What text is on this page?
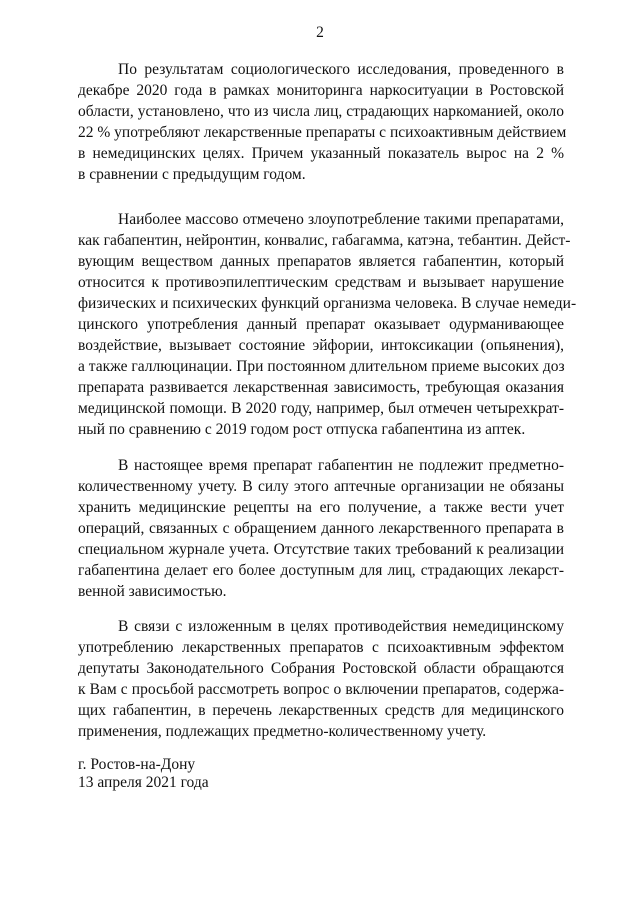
2
По результатам социологического исследования, проведенного в
декабре 2020 года в рамках мониторинга наркоситуации в Ростовской
области, установлено, что из числа лиц, страдающих наркоманией, около
22 % употребляют лекарственные препараты с психоактивным действием
в немедицинских целях. Причем указанный показатель вырос на 2 %
в сравнении с предыдущим годом.
Наиболее массово отмечено злоупотребление такими препаратами,
как габапентин, нейронтин, конвалис, габагамма, катэна, тебантин. Дейст-
вующим веществом данных препаратов является габапентин, который
относится к противоэпилептическим средствам и вызывает нарушение
физических и психических функций организма человека. В случае немеди-
цинского употребления данный препарат оказывает одурманивающее
воздействие, вызывает состояние эйфории, интоксикации (опьянения),
а также галлюцинации. При постоянном длительном приеме высоких доз
препарата развивается лекарственная зависимость, требующая оказания
медицинской помощи. В 2020 году, например, был отмечен четырехкрат-
ный по сравнению с 2019 годом рост отпуска габапентина из аптек.
В настоящее время препарат габапентин не подлежит предметно-
количественному учету. В силу этого аптечные организации не обязаны
хранить медицинские рецепты на его получение, а также вести учет
операций, связанных с обращением данного лекарственного препарата в
специальном журнале учета. Отсутствие таких требований к реализации
габапентина делает его более доступным для лиц, страдающих лекарст-
венной зависимостью.
В связи с изложенным в целях противодействия немедицинскому
употреблению лекарственных препаратов с психоактивным эффектом
депутаты Законодательного Собрания Ростовской области обращаются
к Вам с просьбой рассмотреть вопрос о включении препаратов, содержа-
щих габапентин, в перечень лекарственных средств для медицинского
применения, подлежащих предметно-количественному учету.
г. Ростов-на-Дону
13 апреля 2021 года
